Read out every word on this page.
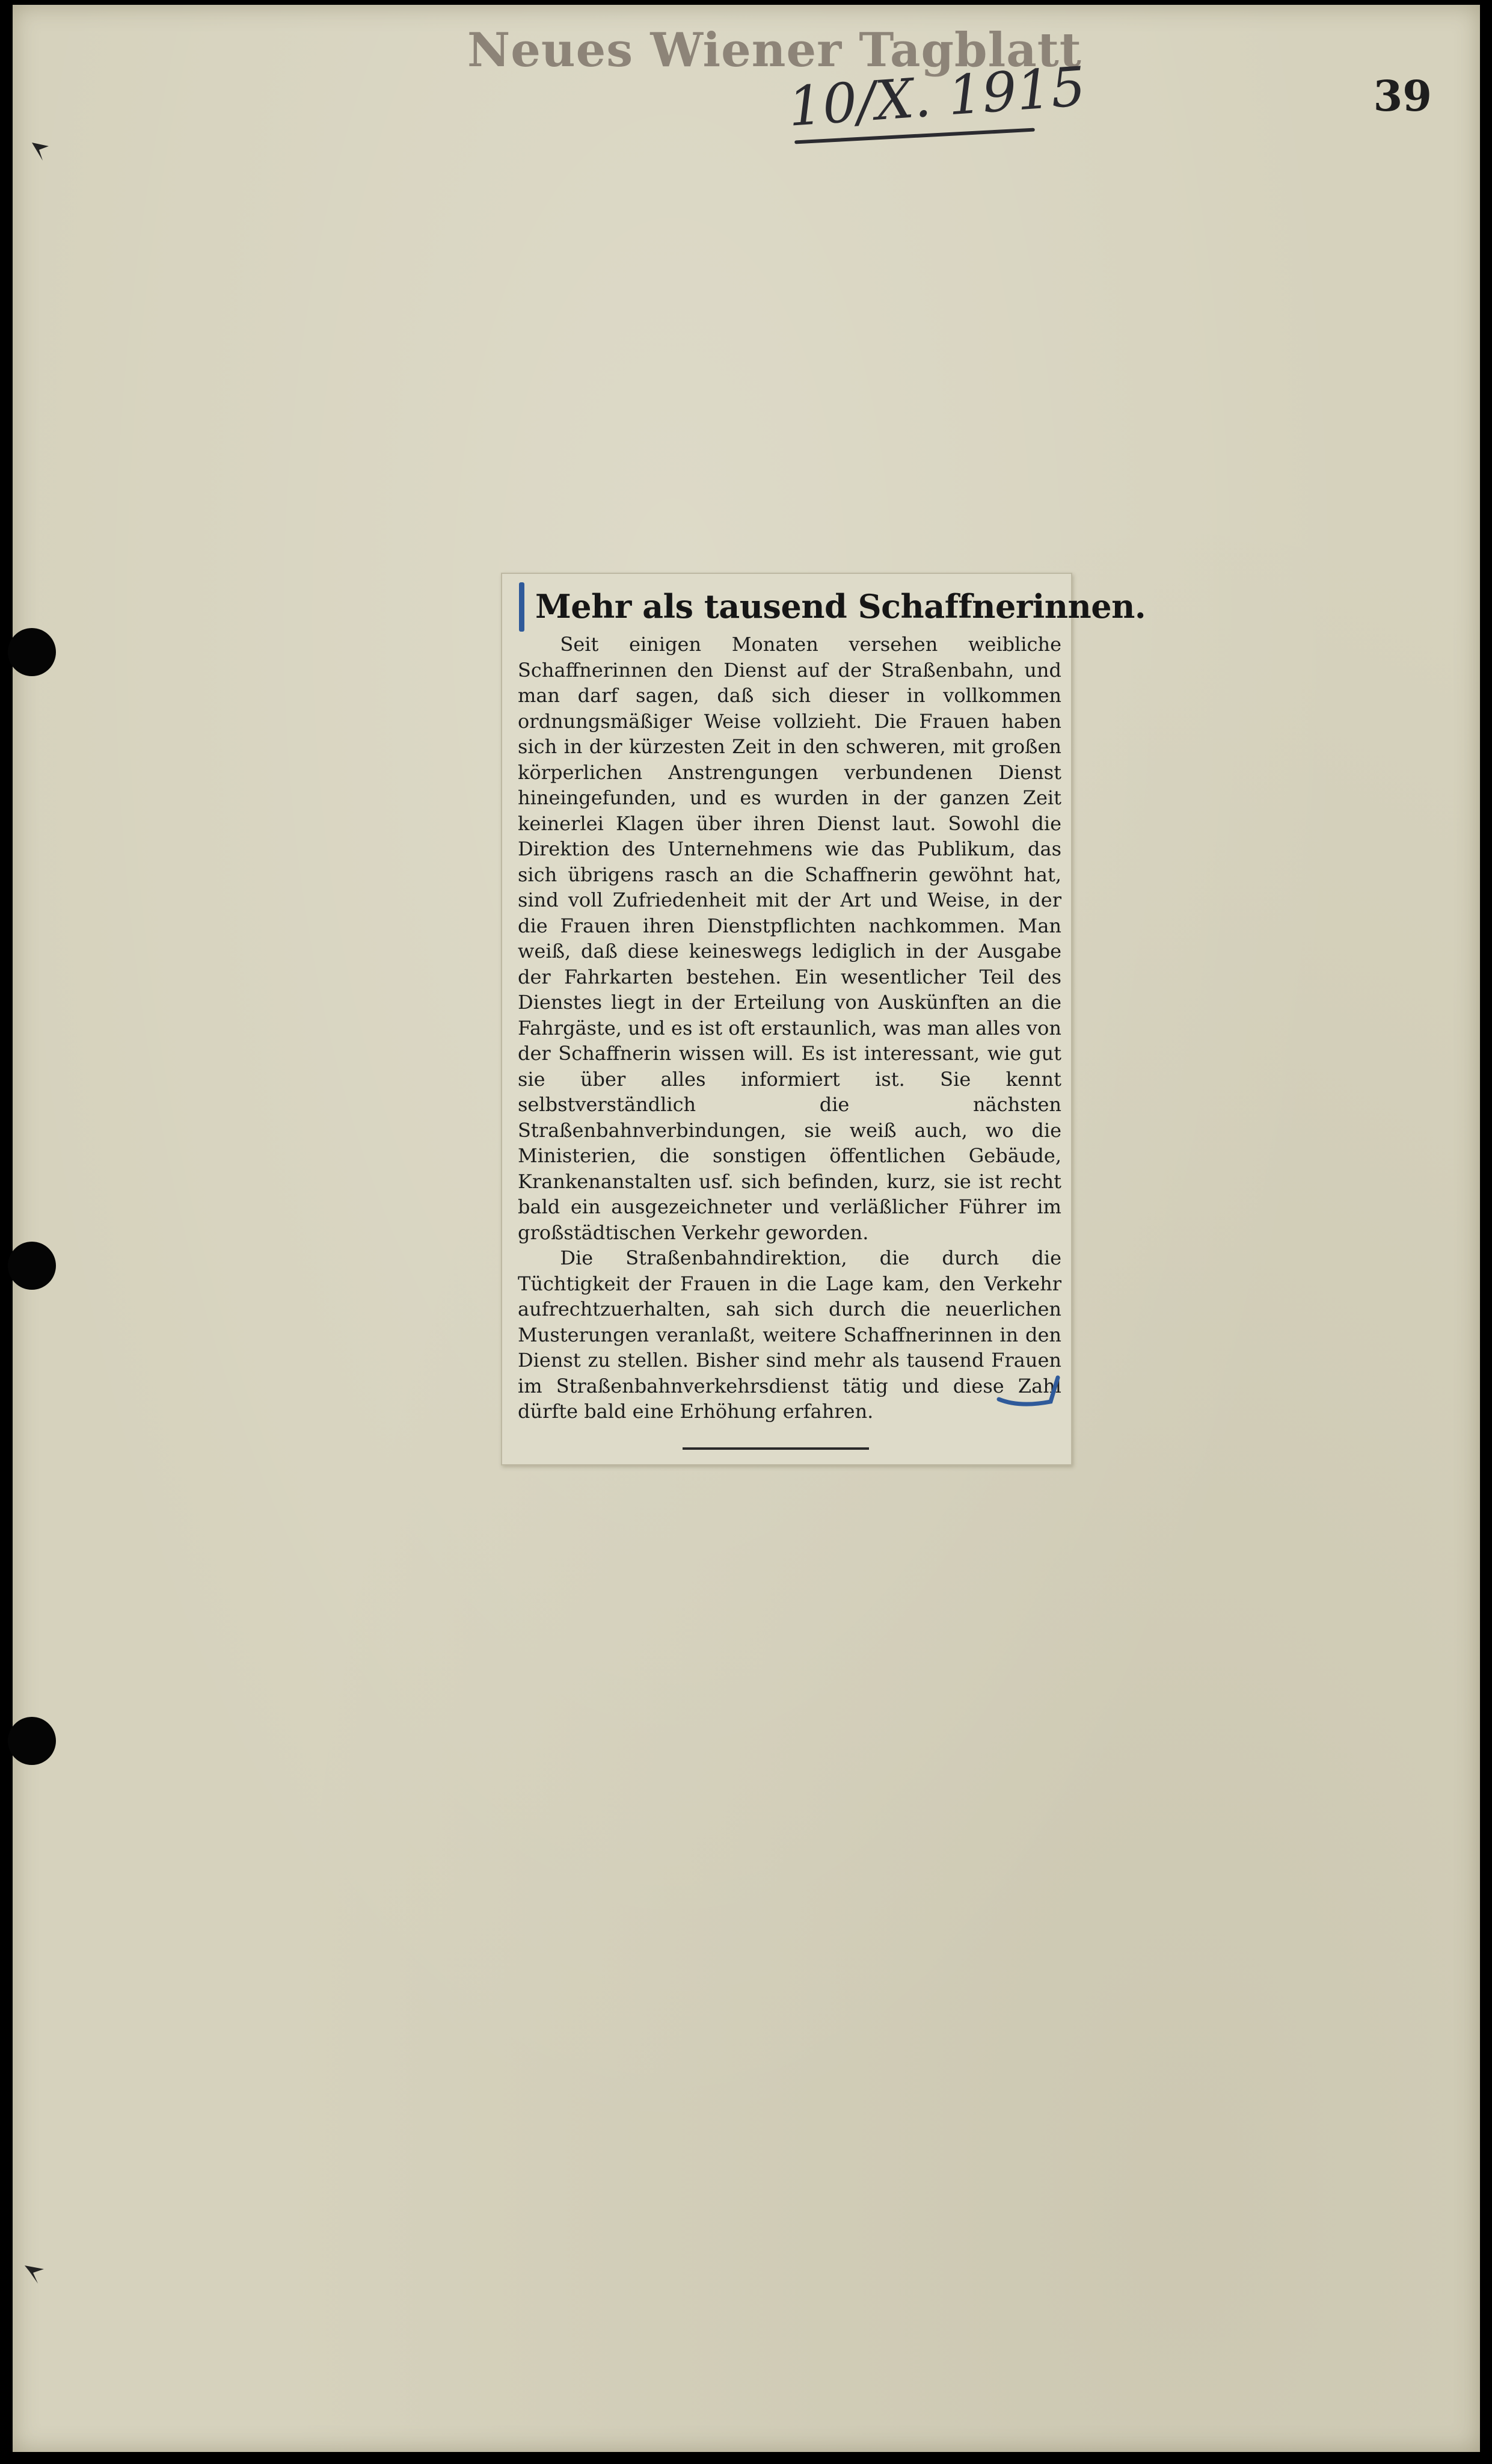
Neues Wiener Tagblatt
10/X. 1915	39
Mehr als tausend Schaffnerinnen.

Seit einigen Monaten versehen weibliche Schaffnerinnen den Dienst auf der Straßenbahn, und man darf sagen, daß sich dieser in vollkommen ordnungsmäßiger Weise vollzieht. Die Frauen haben sich in der kürzesten Zeit in den schweren, mit großen körperlichen Anstrengungen verbundenen Dienst hineingefunden, und es wurden in der ganzen Zeit keinerlei Klagen über ihren Dienst laut. Sowohl die Direktion des Unternehmens wie das Publikum, das sich übrigens rasch an die Schaffnerin gewöhnt hat, sind voll Zufriedenheit mit der Art und Weise, in der die Frauen ihren Dienstpflichten nachkommen. Man weiß, daß diese keineswegs lediglich in der Ausgabe der Fahrkarten bestehen. Ein wesentlicher Teil des Dienstes liegt in der Erteilung von Auskünften an die Fahrgäste, und es ist oft erstaunlich, was man alles von der Schaffnerin wissen will. Es ist interessant, wie gut sie über alles informiert ist. Sie kennt selbstverständlich die nächsten Straßenbahnverbindungen, sie weiß auch, wo die Ministerien, die sonstigen öffentlichen Gebäude, Krankenanstalten usf. sich befinden, kurz, sie ist recht bald ein ausgezeichneter und verläßlicher Führer im großstädtischen Verkehr geworden.

Die Straßenbahndirektion, die durch die Tüchtigkeit der Frauen in die Lage kam, den Verkehr aufrechtzuerhalten, sah sich durch die neuerlichen Musterungen veranlaßt, weitere Schaffnerinnen in den Dienst zu stellen. Bisher sind mehr als tausend Frauen im Straßenbahnverkehrsdienst tätig und diese Zahl dürfte bald eine Erhöhung erfahren.
